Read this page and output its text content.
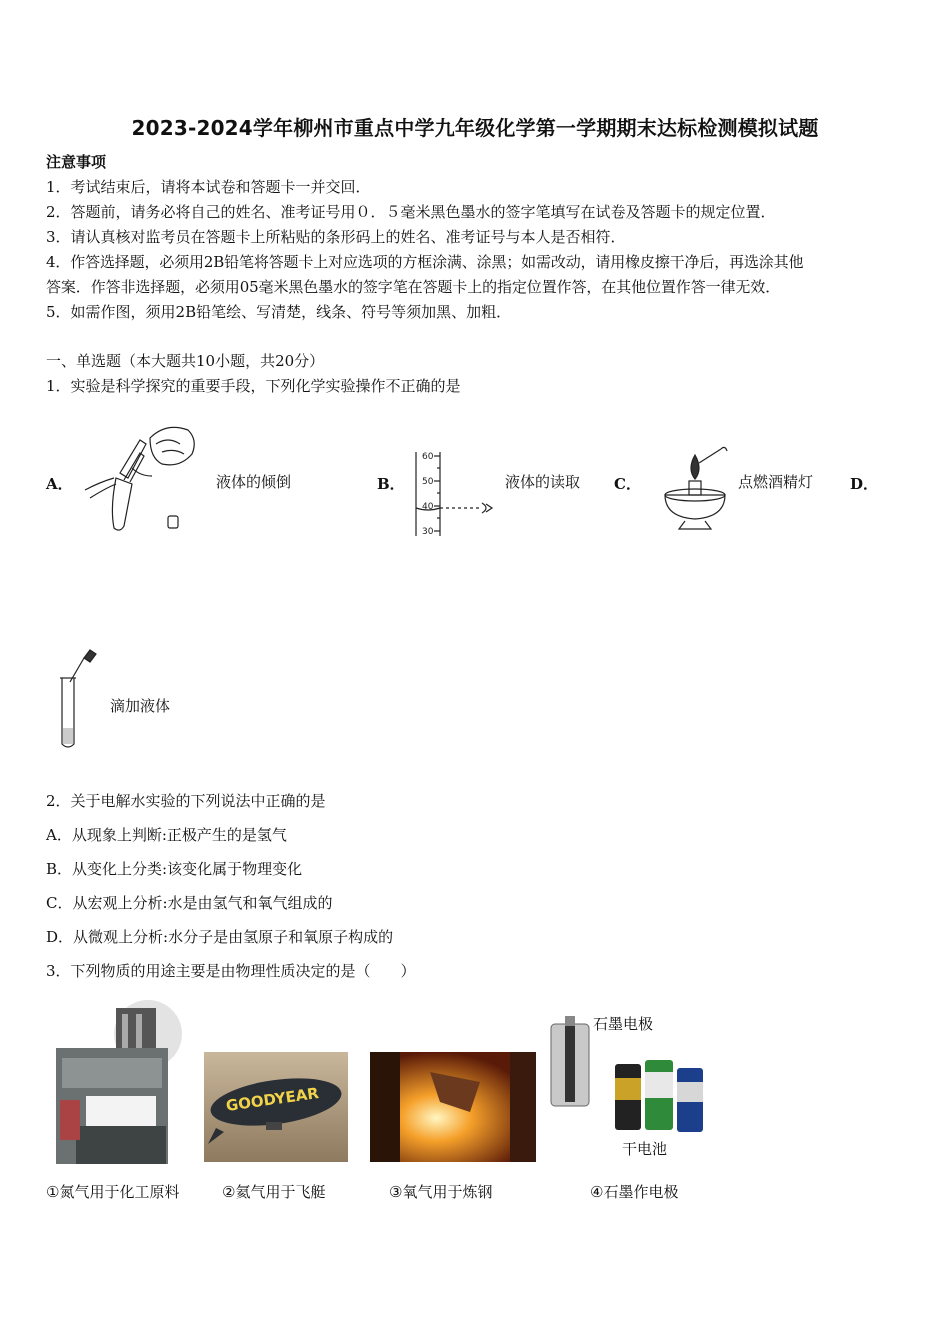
2023-2024学年柳州市重点中学九年级化学第一学期期末达标检测模拟试题
注意事项
1．考试结束后，请将本试卷和答题卡一并交回．
2．答题前，请务必将自己的姓名、准考证号用０．５毫米黑色墨水的签字笔填写在试卷及答题卡的规定位置．
3．请认真核对监考员在答题卡上所粘贴的条形码上的姓名、准考证号与本人是否相符．
4．作答选择题，必须用2B铅笔将答题卡上对应选项的方框涂满、涂黑；如需改动，请用橡皮擦干净后，再选涂其他
答案．作答非选择题，必须用05毫米黑色墨水的签字笔在答题卡上的指定位置作答，在其他位置作答一律无效．
5．如需作图，须用2B铅笔绘、写清楚，线条、符号等须加黑、加粗．
一、单选题（本大题共10小题，共20分）
1．实验是科学探究的重要手段，下列化学实验操作不正确的是
A．	液体的倾倒	B．	液体的读取 C．	点燃酒精灯 D．
滴加液体
60
50
40
30
2．关于电解水实验的下列说法中正确的是
A．从现象上判断:正极产生的是氢气
B．从变化上分类:该变化属于物理变化
C．从宏观上分析:水是由氢气和氧气组成的
D．从微观上分析:水分子是由氢原子和氧原子构成的
3．下列物质的用途主要是由物理性质决定的是（　　）
GOODYEAR
石墨电极
干电池
①氮气用于化工原料	②氦气用于飞艇	③氧气用于炼钢	④石墨作电极
